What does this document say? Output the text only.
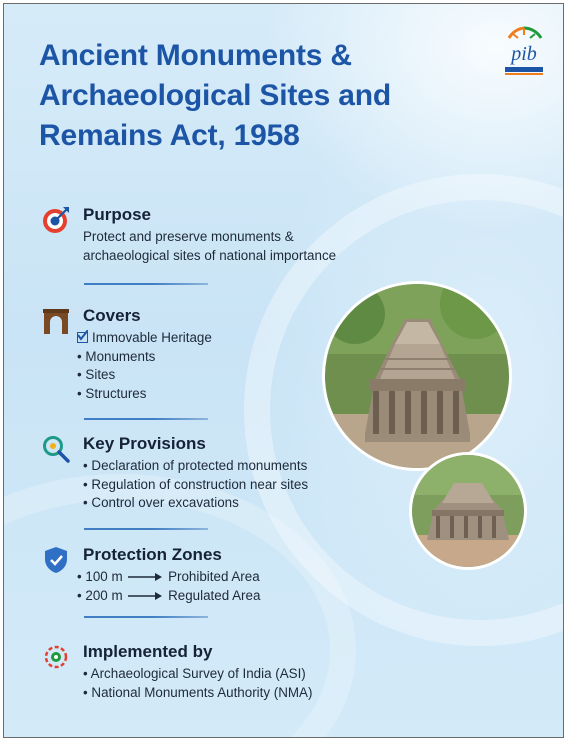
Ancient Monuments & Archaeological Sites and Remains Act, 1958
pib
Purpose
Protect and preserve monuments &
archaeological sites of national importance
Covers
Immovable Heritage
• Monuments
• Sites
• Structures
Key Provisions
• Declaration of protected monuments
• Regulation of construction near sites
• Control over excavations
Protection Zones
• 100 m	Prohibited Area
• 200 m	Regulated Area
Implemented by
• Archaeological Survey of India (ASI)
• National Monuments Authority (NMA)
